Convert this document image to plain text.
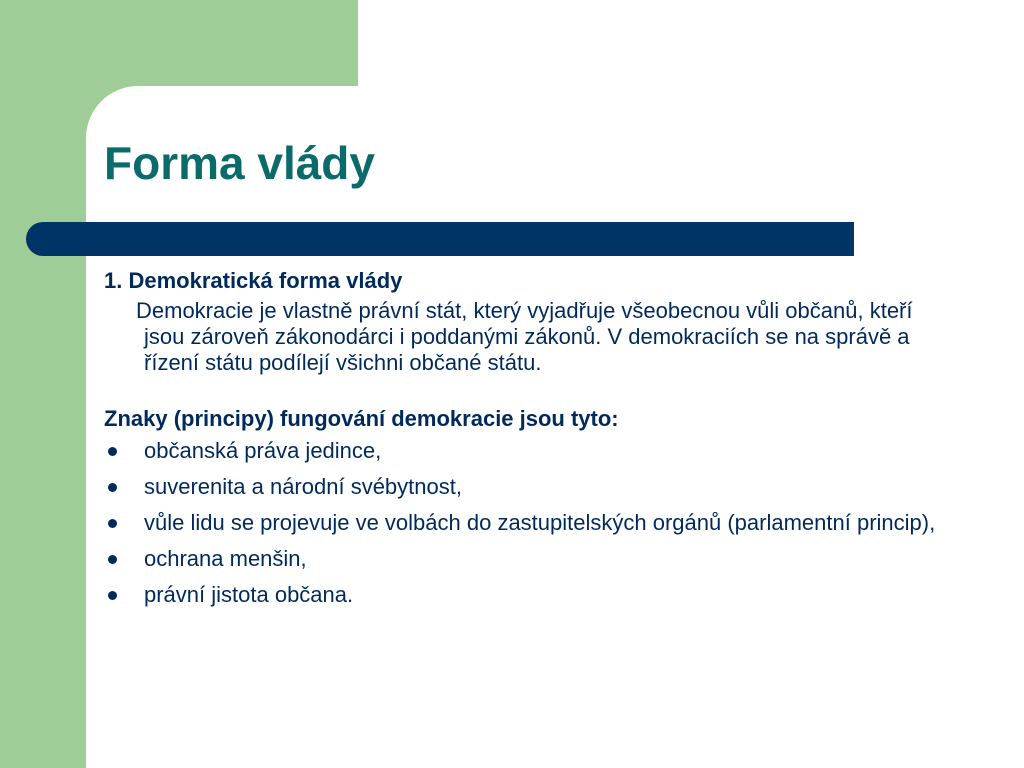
Forma vlády

1. Demokratická forma vlády

Demokracie je vlastně právní stát, který vyjadřuje všeobecnou vůli občanů, kteří jsou zároveň zákonodárci i poddanými zákonů. V demokraciích se na správě a řízení státu podílejí všichni občané státu.

Znaky (principy) fungování demokracie jsou tyto:

občanská práva jedince,
suverenita a národní svébytnost,
vůle lidu se projevuje ve volbách do zastupitelských orgánů (parlamentní princip),
ochrana menšin,
právní jistota občana.
